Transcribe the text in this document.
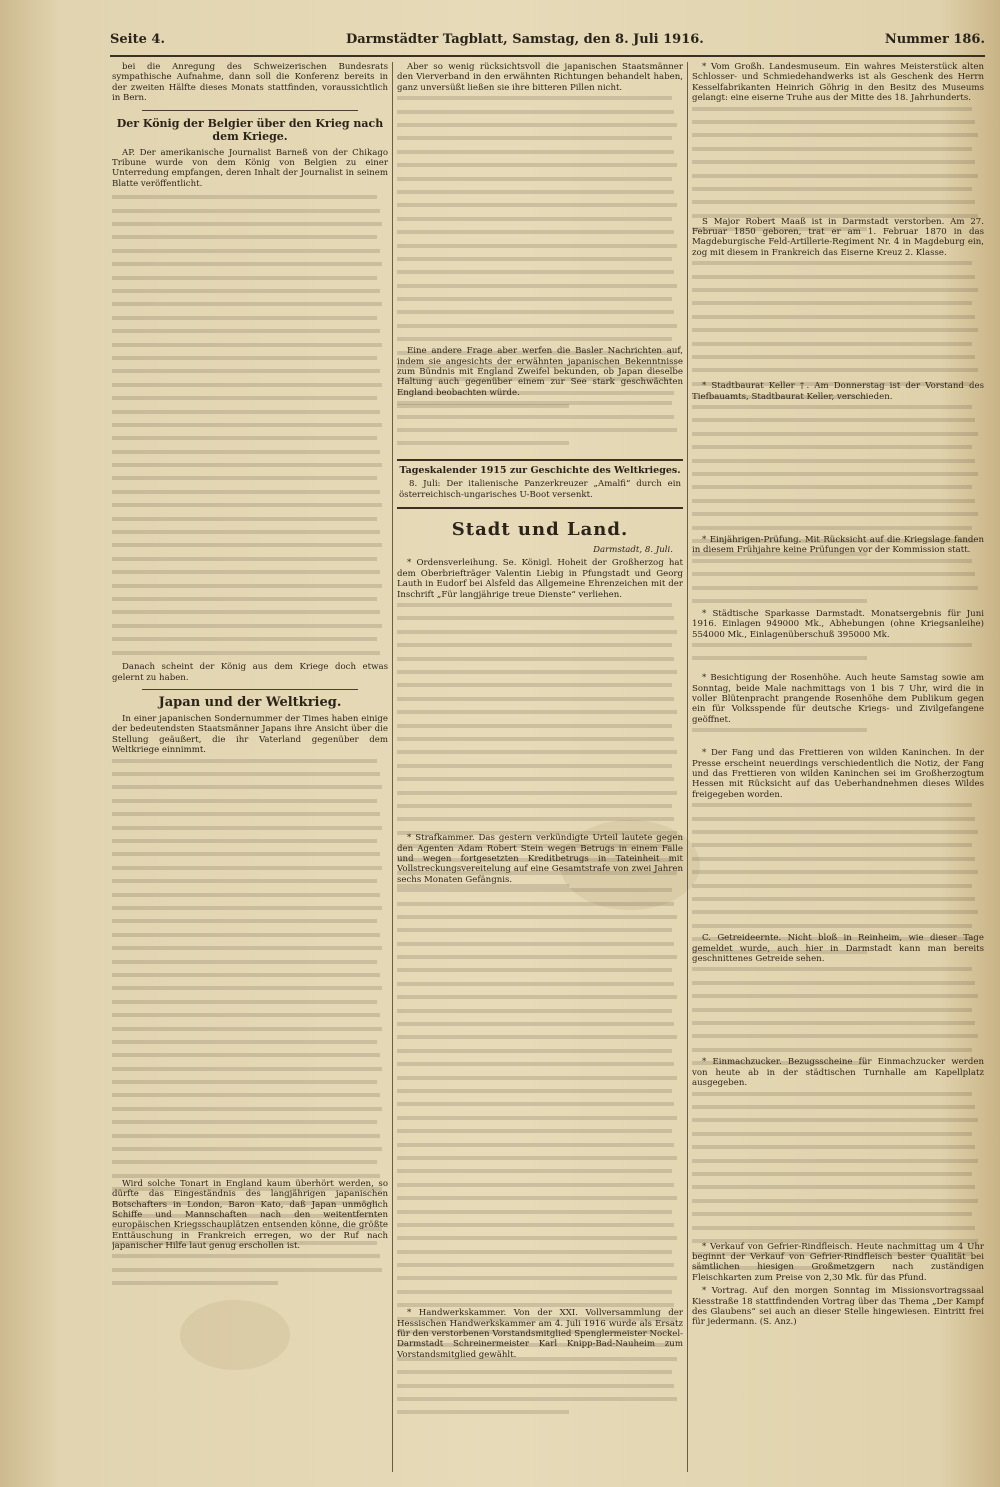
Seite 4.	Darmstädter Tagblatt, Samstag, den 8. Juli 1916.	Nummer 186.

bei die Anregung des Schweizerischen Bundesrats sympathische Aufnahme, dann soll die Konferenz bereits in der zweiten Hälfte dieses Monats stattfinden, voraussichtlich in Bern.

Der König der Belgier über den Krieg nach dem Kriege.

AP. Der amerikanische Journalist Barneß von der Chikago Tribune wurde von dem König von Belgien zu einer Unterredung empfangen, deren Inhalt der Journalist in seinem Blatte veröffentlicht.

Danach scheint der König aus dem Kriege doch etwas gelernt zu haben.

Japan und der Weltkrieg.

In einer japanischen Sondernummer der Times haben einige der bedeutendsten Staatsmänner Japans ihre Ansicht über die Stellung geäußert, die ihr Vaterland gegenüber dem Weltkriege einnimmt.

Wird solche Tonart in England kaum überhört werden, so dürfte das Eingeständnis des langjährigen japanischen Botschafters in London, Baron Kato, daß Japan unmöglich Schiffe und Mannschaften nach den weitentfernten europäischen Kriegsschauplätzen entsenden könne, die größte Enttäuschung in Frankreich erregen, wo der Ruf nach japanischer Hilfe laut genug erschollen ist.

Aber so wenig rücksichtsvoll die japanischen Staatsmänner den Vierverband in den erwähnten Richtungen behandelt haben, ganz unversüßt ließen sie ihre bitteren Pillen nicht.

Eine andere Frage aber werfen die Basler Nachrichten auf, indem sie angesichts der erwähnten japanischen Bekenntnisse zum Bündnis mit England Zweifel bekunden, ob Japan dieselbe Haltung auch gegenüber einem zur See stark geschwächten England beobachten würde.

Tageskalender 1915 zur Geschichte des Weltkrieges.

8. Juli: Der italienische Panzerkreuzer „Amalfi“ durch ein österreichisch-ungarisches U-Boot versenkt.

Stadt und Land.
Darmstadt, 8. Juli.

* Ordensverleihung. Se. Königl. Hoheit der Großherzog hat dem Oberbriefträger Valentin Liebig in Pfungstadt und Georg Lauth in Eudorf bei Alsfeld das Allgemeine Ehrenzeichen mit der Inschrift „Für langjährige treue Dienste“ verliehen.

* Strafkammer. Das gestern verkündigte Urteil lautete gegen den Agenten Adam Robert Stein wegen Betrugs in einem Falle und wegen fortgesetzten Kreditbetrugs in Tateinheit mit Vollstreckungsvereitelung auf eine Gesamtstrafe von zwei Jahren sechs Monaten Gefängnis.

* Handwerkskammer. Von der XXI. Vollversammlung der Hessischen Handwerkskammer am 4. Juli 1916 wurde als Ersatz für den verstorbenen Vorstandsmitglied Spenglermeister Nockel-Darmstadt Schreinermeister Karl Knipp-Bad-Nauheim zum Vorstandsmitglied gewählt.

* Vom Großh. Landesmuseum. Ein wahres Meisterstück alten Schlosser- und Schmiedehandwerks ist als Geschenk des Herrn Kesselfabrikanten Heinrich Göhrig in den Besitz des Museums gelangt: eine eiserne Truhe aus der Mitte des 18. Jahrhunderts.

S Major Robert Maaß ist in Darmstadt verstorben. Am 27. Februar 1850 geboren, trat er am 1. Februar 1870 in das Magdeburgische Feld-Artillerie-Regiment Nr. 4 in Magdeburg ein, zog mit diesem in Frankreich das Eiserne Kreuz 2. Klasse.

* Stadtbaurat Keller †. Am Donnerstag ist der Vorstand des Tiefbauamts, Stadtbaurat Keller, verschieden.

* Einjährigen-Prüfung. Mit Rücksicht auf die Kriegslage fanden in diesem Frühjahre keine Prüfungen vor der Kommission statt.

* Städtische Sparkasse Darmstadt. Monatsergebnis für Juni 1916. Einlagen 949000 Mk., Abhebungen (ohne Kriegsanleihe) 554000 Mk., Einlagenüberschuß 395000 Mk.

* Besichtigung der Rosenhöhe. Auch heute Samstag sowie am Sonntag, beide Male nachmittags von 1 bis 7 Uhr, wird die in voller Blütenpracht prangende Rosenhöhe dem Publikum gegen ein für Volksspende für deutsche Kriegs- und Zivilgefangene geöffnet.

* Der Fang und das Frettieren von wilden Kaninchen. In der Presse erscheint neuerdings verschiedentlich die Notiz, der Fang und das Frettieren von wilden Kaninchen sei im Großherzogtum Hessen mit Rücksicht auf das Ueberhandnehmen dieses Wildes freigegeben worden.

C. Getreideernte. Nicht bloß in Reinheim, wie dieser Tage gemeldet wurde, auch hier in Darmstadt kann man bereits geschnittenes Getreide sehen.

* Einmachzucker. Bezugsscheine für Einmachzucker werden von heute ab in der städtischen Turnhalle am Kapellplatz ausgegeben.

* Verkauf von Gefrier-Rindfleisch. Heute nachmittag um 4 Uhr beginnt der Verkauf von Gefrier-Rindfleisch bester Qualität bei sämtlichen hiesigen Großmetzgern nach zuständigen Fleischkarten zum Preise von 2,30 Mk. für das Pfund.

* Vortrag. Auf den morgen Sonntag im Missionsvortragssaal Kiesstraße 18 stattfindenden Vortrag über das Thema „Der Kampf des Glaubens“ sei auch an dieser Stelle hingewiesen. Eintritt frei für jedermann. (S. Anz.)
